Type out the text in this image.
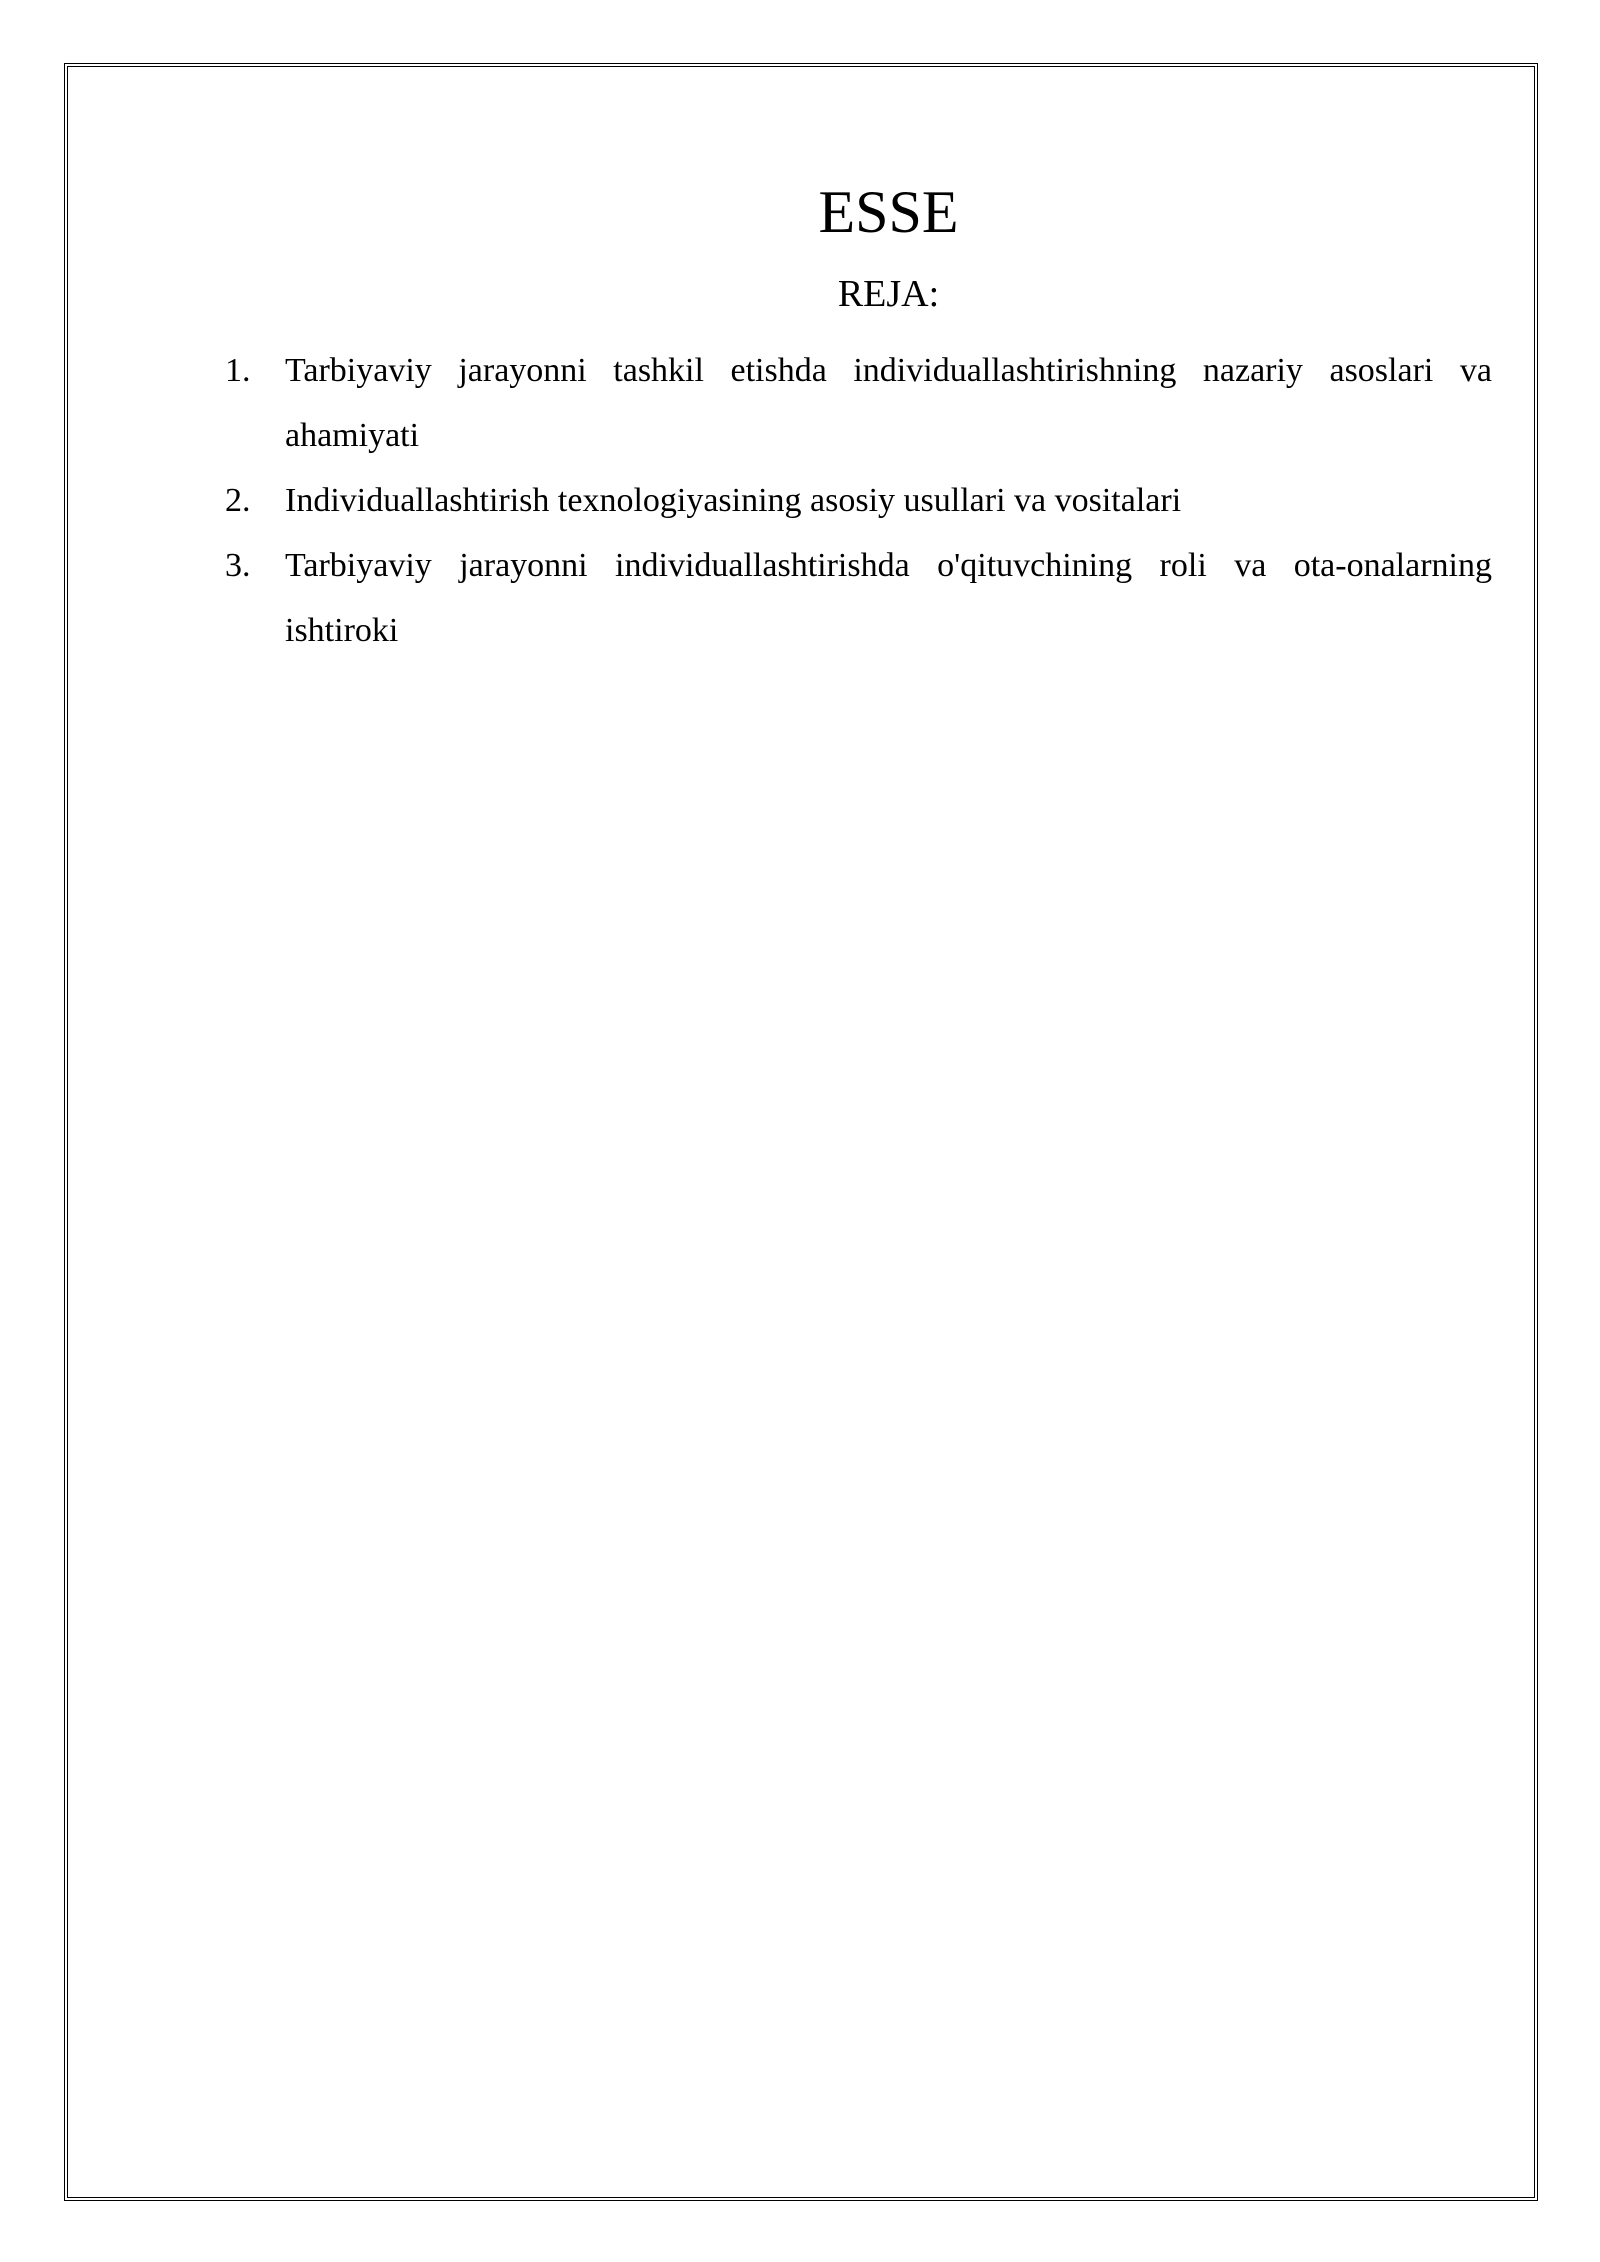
ESSE
REJA:
1.	Tarbiyaviy jarayonni tashkil etishda individuallashtirishning nazariy asoslari va ahamiyati
2.	Individuallashtirish texnologiyasining asosiy usullari va vositalari
3.	Tarbiyaviy jarayonni individuallashtirishda o'qituvchining roli va ota-onalarning ishtiroki
